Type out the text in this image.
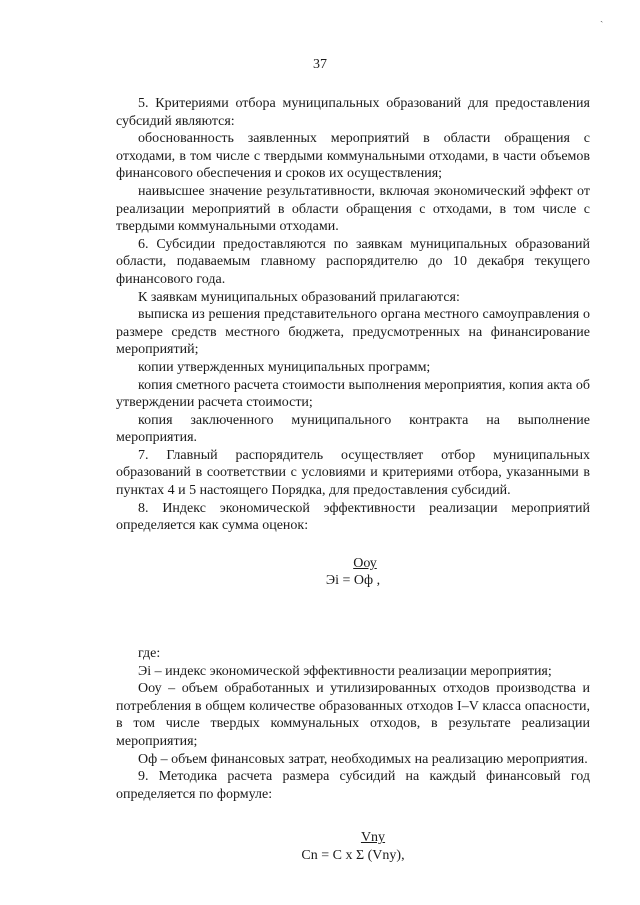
37
ˎ

5. Критериями отбора муниципальных образований для предоставления субсидий являются:

обоснованность заявленных мероприятий в области обращения с отходами, в том числе с твердыми коммунальными отходами, в части объемов финансового обеспечения и сроков их осуществления;

наивысшее значение результативности, включая экономический эффект от реализации мероприятий в области обращения с отходами, в том числе с твердыми коммунальными отходами.

6. Субсидии предоставляются по заявкам муниципальных образований области, подаваемым главному распорядителю до 10 декабря текущего финансового года.

К заявкам муниципальных образований прилагаются:

выписка из решения представительного органа местного самоуправления о размере средств местного бюджета, предусмотренных на финансирование мероприятий;

копии утвержденных муниципальных программ;

копия сметного расчета стоимости выполнения мероприятия, копия акта об утверждении расчета стоимости;

копия заключенного муниципального контракта на выполнение мероприятия.

7. Главный распорядитель осуществляет отбор муниципальных образований в соответствии с условиями и критериями отбора, указанными в пунктах 4 и 5 настоящего Порядка, для предоставления субсидий.

8. Индекс экономической эффективности реализации мероприятий определяется как сумма оценок:

Ооу
Эi = Оф ,

где:

Эi – индекс экономической эффективности реализации мероприятия;

Ооу – объем обработанных и утилизированных отходов производства и потребления в общем количестве образованных отходов I–V класса опасности, в том числе твердых коммунальных отходов, в результате реализации мероприятия;

Оф – объем финансовых затрат, необходимых на реализацию мероприятия.

9. Методика расчета размера субсидий на каждый финансовый год определяется по формуле:

Vny
Cn = C x Σ (Vny),
